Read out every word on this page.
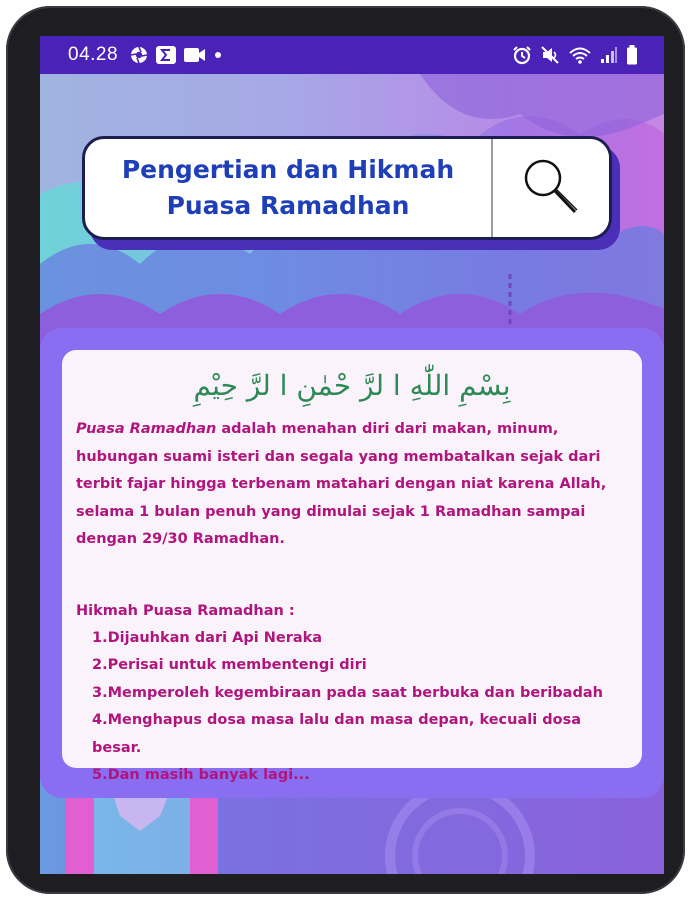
04.28
Pengertian dan Hikmah
Puasa Ramadhan
بِسْمِ اللّٰهِ ا لرَّ حْمٰنِ ا لرَّ حِيْمِ

Puasa Ramadhan adalah menahan diri dari makan, minum, hubungan suami isteri dan segala yang membatalkan sejak dari terbit fajar hingga terbenam matahari dengan niat karena Allah, selama 1 bulan penuh yang dimulai sejak 1 Ramadhan sampai dengan 29/30 Ramadhan.

Hikmah Puasa Ramadhan :
1.Dijauhkan dari Api Neraka
2.Perisai untuk membentengi diri
3.Memperoleh kegembiraan pada saat berbuka dan beribadah
4.Menghapus dosa masa lalu dan masa depan, kecuali dosa besar.
5.Dan masih banyak lagi...
